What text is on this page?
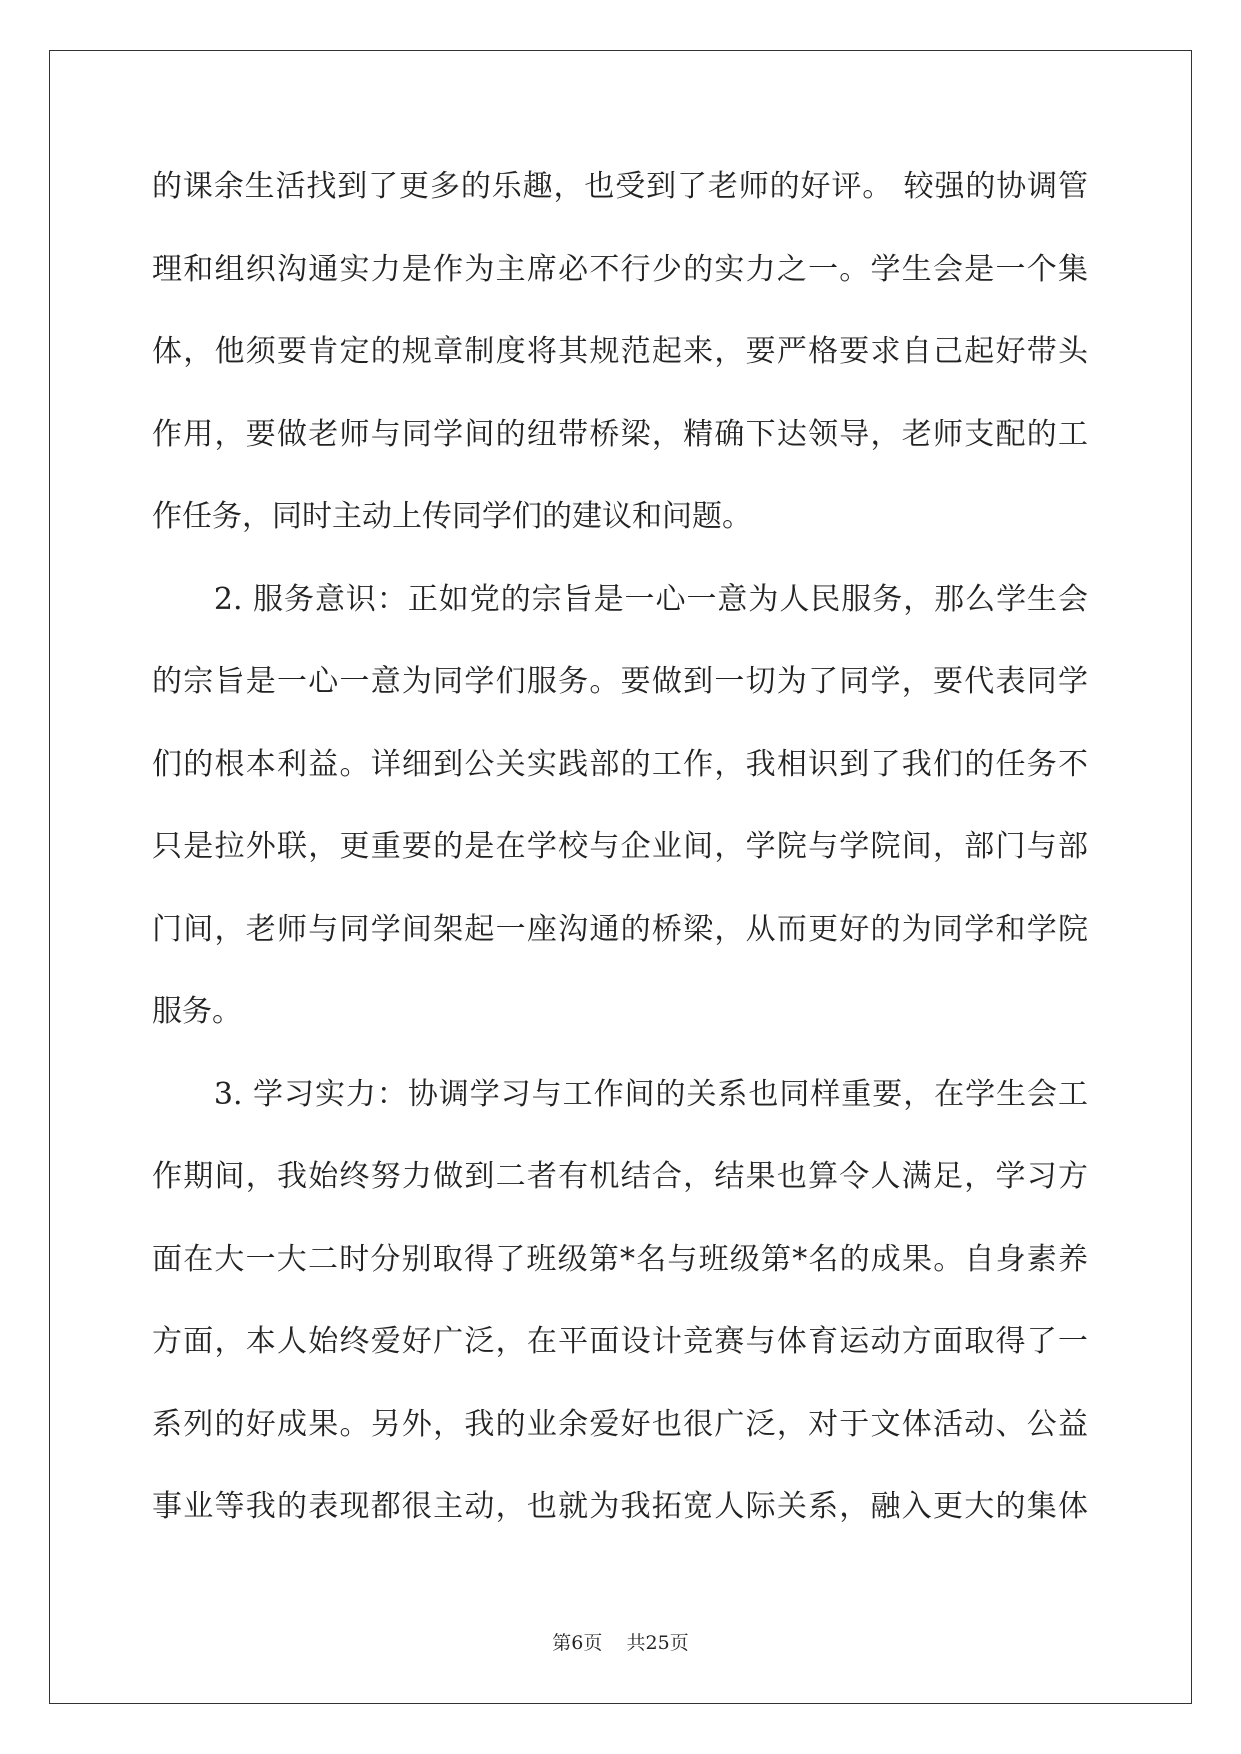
的课余生活找到了更多的乐趣，也受到了老师的好评。 较强的协调管
理和组织沟通实力是作为主席必不行少的实力之一。学生会是一个集
体，他须要肯定的规章制度将其规范起来，要严格要求自己起好带头
作用，要做老师与同学间的纽带桥梁，精确下达领导，老师支配的工
作任务，同时主动上传同学们的建议和问题。
　　2. 服务意识：正如党的宗旨是一心一意为人民服务，那么学生会
的宗旨是一心一意为同学们服务。要做到一切为了同学，要代表同学
们的根本利益。详细到公关实践部的工作，我相识到了我们的任务不
只是拉外联，更重要的是在学校与企业间，学院与学院间，部门与部
门间，老师与同学间架起一座沟通的桥梁，从而更好的为同学和学院
服务。
　　3. 学习实力：协调学习与工作间的关系也同样重要，在学生会工
作期间，我始终努力做到二者有机结合，结果也算令人满足，学习方
面在大一大二时分别取得了班级第*名与班级第*名的成果。自身素养
方面，本人始终爱好广泛，在平面设计竞赛与体育运动方面取得了一
系列的好成果。另外，我的业余爱好也很广泛，对于文体活动、公益
事业等我的表现都很主动，也就为我拓宽人际关系，融入更大的集体
第6页 共25页
